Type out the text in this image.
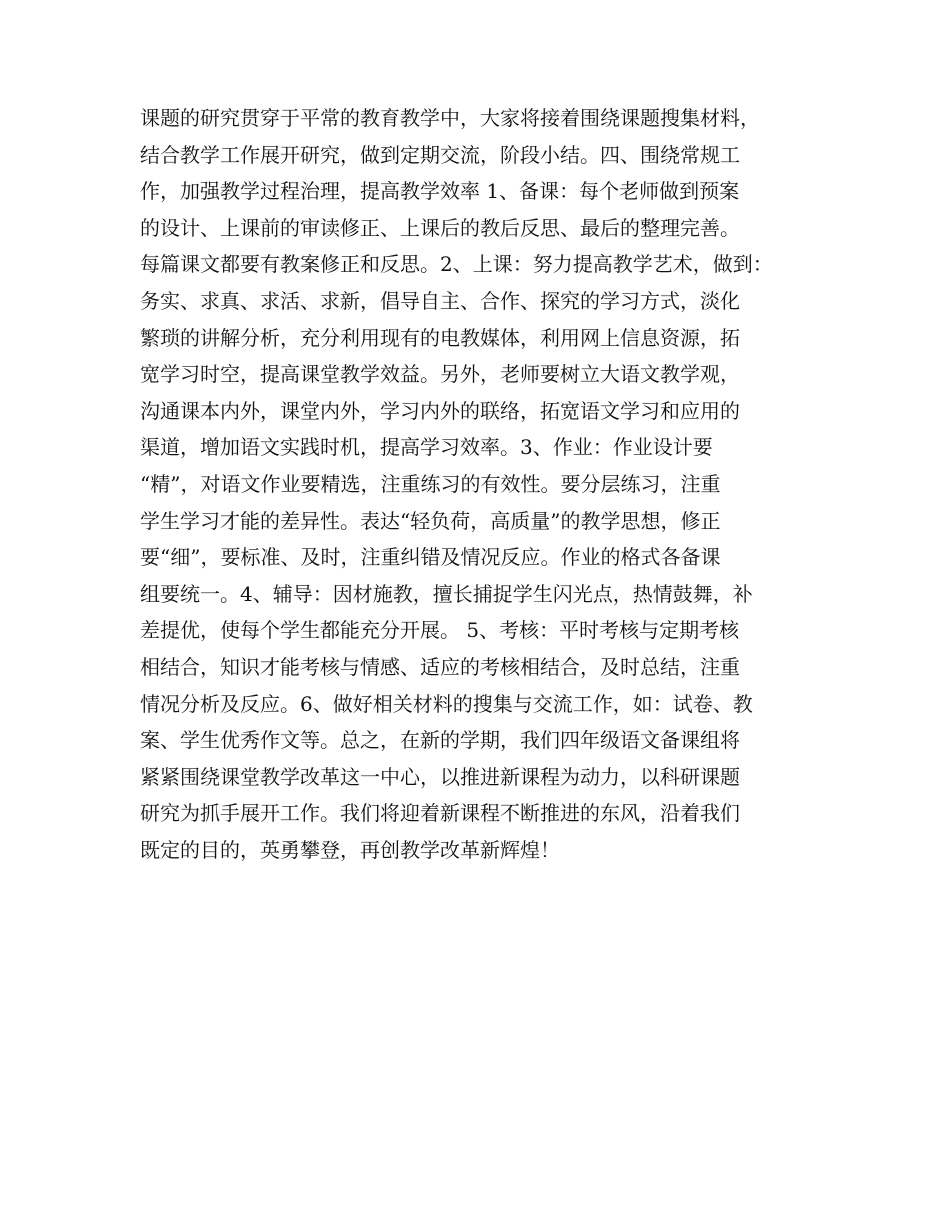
课题的研究贯穿于平常的教育教学中，大家将接着围绕课题搜集材料，
结合教学工作展开研究，做到定期交流，阶段小结。四、围绕常规工
作，加强教学过程治理，提高教学效率 1、备课：每个老师做到预案
的设计、上课前的审读修正、上课后的教后反思、最后的整理完善。
每篇课文都要有教案修正和反思。2、上课：努力提高教学艺术，做到：
务实、求真、求活、求新，倡导自主、合作、探究的学习方式，淡化
繁琐的讲解分析，充分利用现有的电教媒体，利用网上信息资源，拓
宽学习时空，提高课堂教学效益。另外，老师要树立大语文教学观，
沟通课本内外，课堂内外，学习内外的联络，拓宽语文学习和应用的
渠道，增加语文实践时机，提高学习效率。3、作业：作业设计要
“精”，对语文作业要精选，注重练习的有效性。要分层练习，注重
学生学习才能的差异性。表达“轻负荷，高质量”的教学思想，修正
要“细”，要标准、及时，注重纠错及情况反应。作业的格式各备课
组要统一。4、辅导：因材施教，擅长捕捉学生闪光点，热情鼓舞，补
差提优，使每个学生都能充分开展。 5、考核：平时考核与定期考核
相结合，知识才能考核与情感、适应的考核相结合，及时总结，注重
情况分析及反应。6、做好相关材料的搜集与交流工作，如：试卷、教
案、学生优秀作文等。总之，在新的学期，我们四年级语文备课组将
紧紧围绕课堂教学改革这一中心，以推进新课程为动力，以科研课题
研究为抓手展开工作。我们将迎着新课程不断推进的东风，沿着我们
既定的目的，英勇攀登，再创教学改革新辉煌！
